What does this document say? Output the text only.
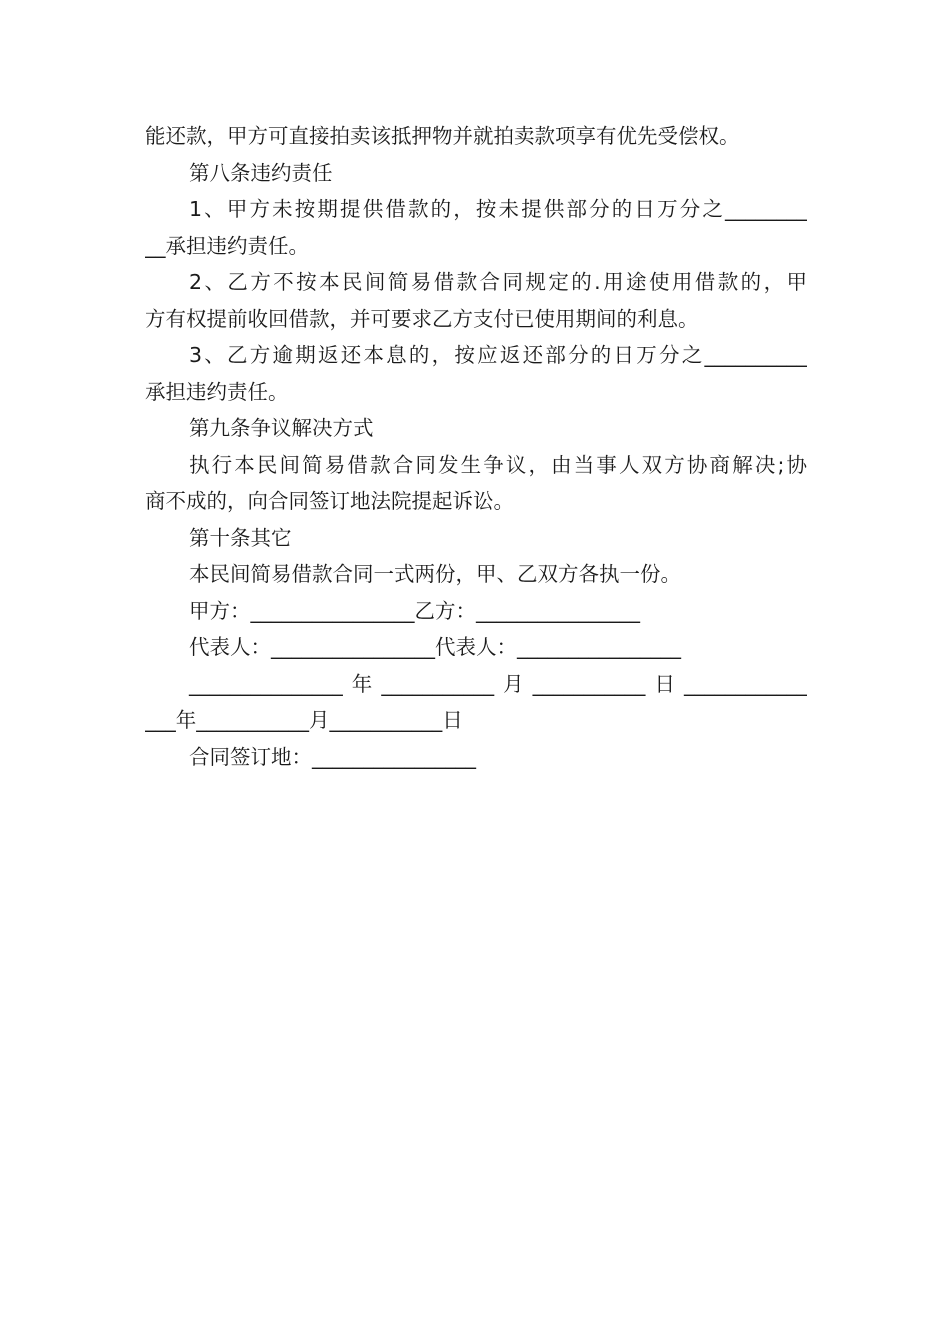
能还款，甲方可直接拍卖该抵押物并就拍卖款项享有优先受偿权。
第八条违约责任
1、甲方未按期提供借款的，按未提供部分的日万分之________
__承担违约责任。
2、乙方不按本民间简易借款合同规定的.用途使用借款的，甲
方有权提前收回借款，并可要求乙方支付已使用期间的利息。
3、乙方逾期返还本息的，按应返还部分的日万分之__________
承担违约责任。
第九条争议解决方式
执行本民间简易借款合同发生争议，由当事人双方协商解决;协
商不成的，向合同签订地法院提起诉讼。
第十条其它
本民间简易借款合同一式两份，甲、乙双方各执一份。
甲方：________________乙方：________________
代表人：________________代表人：________________
_______________年___________月___________日____________
___年___________月___________日
合同签订地：________________
